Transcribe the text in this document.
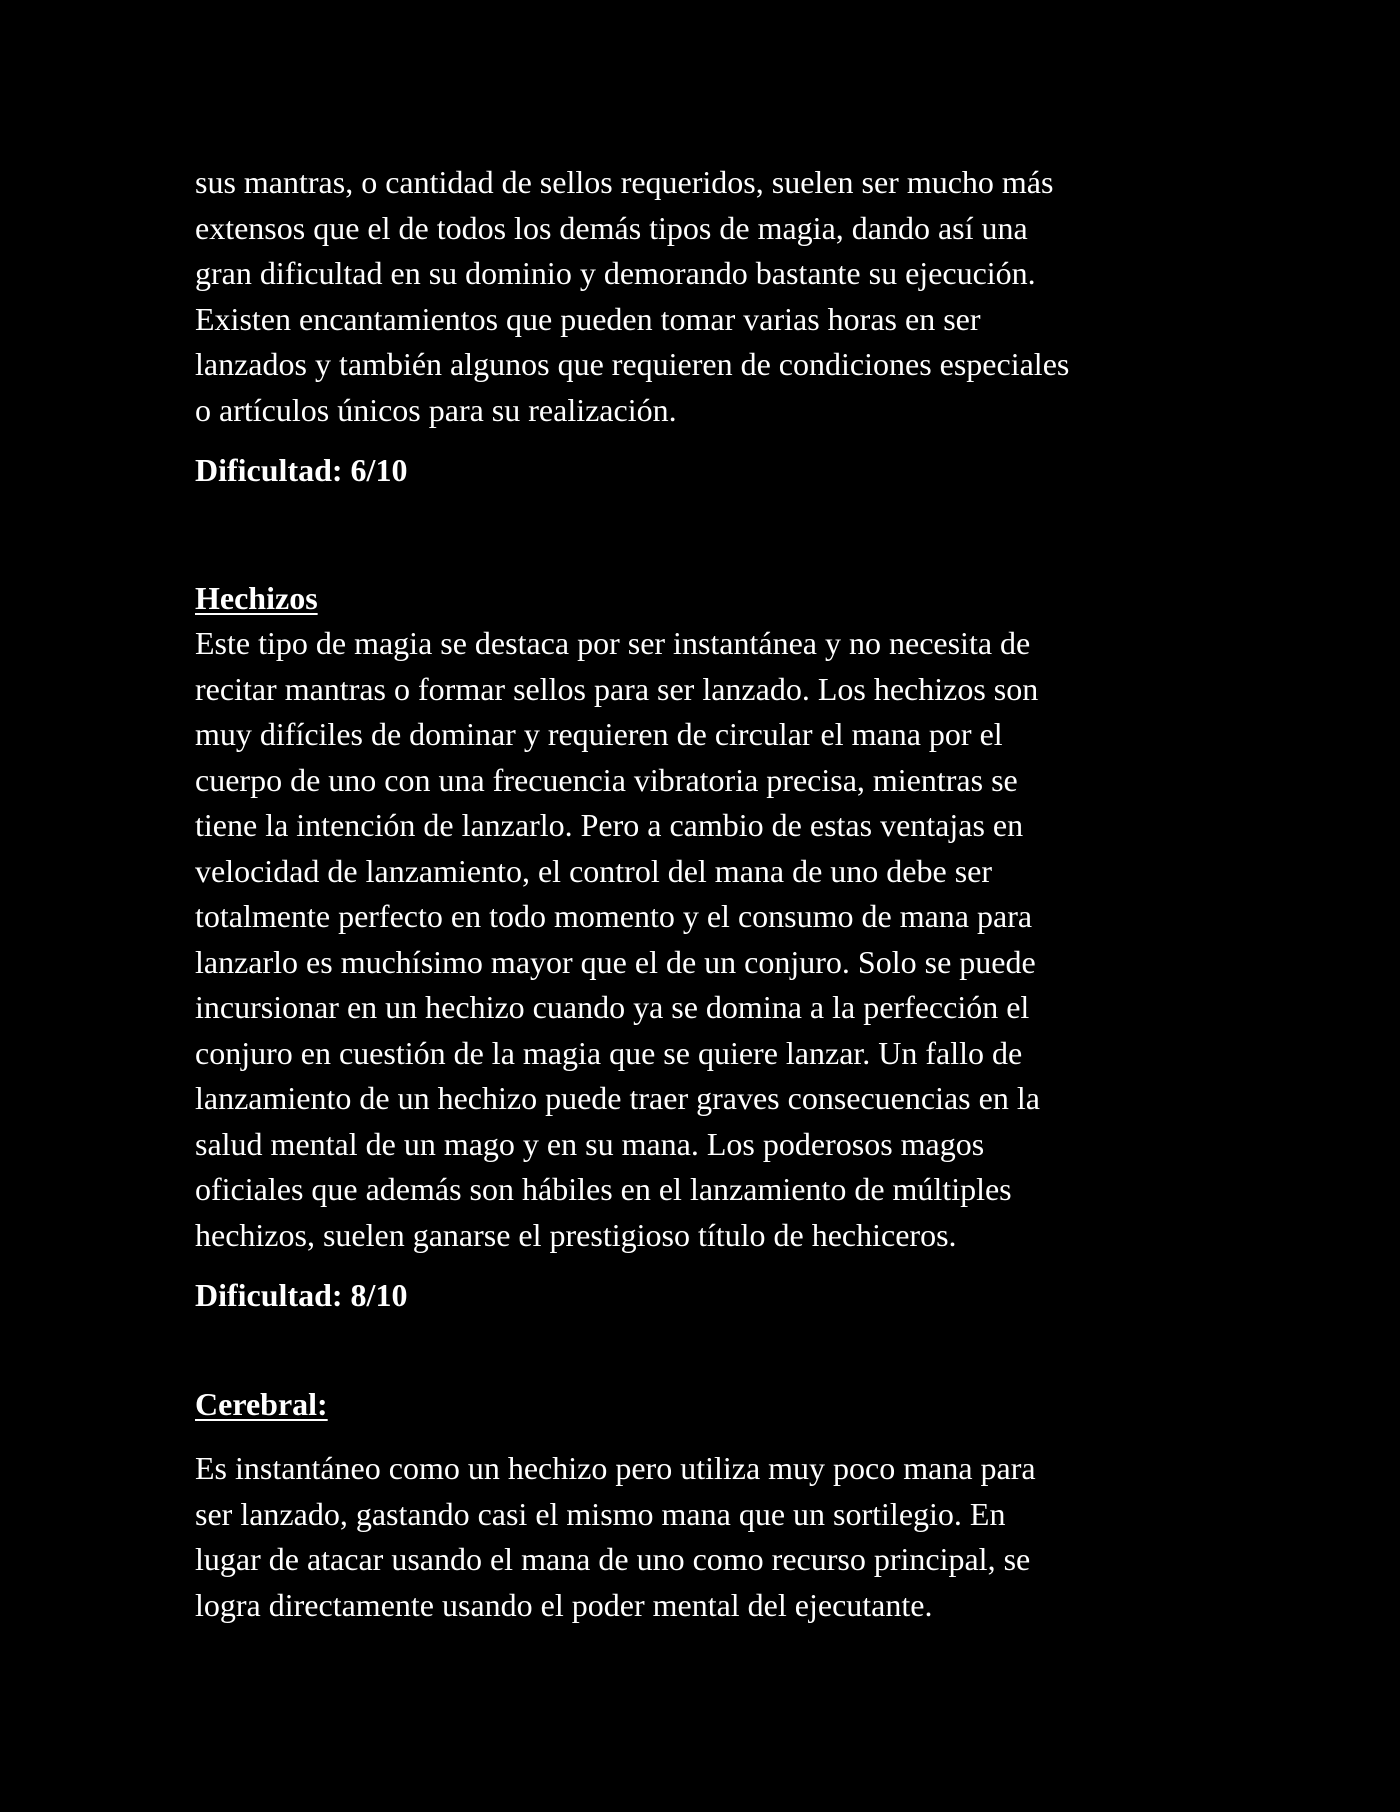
sus mantras, o cantidad de sellos requeridos, suelen ser mucho más
extensos que el de todos los demás tipos de magia, dando así una
gran dificultad en su dominio y demorando bastante su ejecución.
Existen encantamientos que pueden tomar varias horas en ser
lanzados y también algunos que requieren de condiciones especiales
o artículos únicos para su realización.

Dificultad: 6/10

Hechizos

Este tipo de magia se destaca por ser instantánea y no necesita de
recitar mantras o formar sellos para ser lanzado. Los hechizos son
muy difíciles de dominar y requieren de circular el mana por el
cuerpo de uno con una frecuencia vibratoria precisa, mientras se
tiene la intención de lanzarlo. Pero a cambio de estas ventajas en
velocidad de lanzamiento, el control del mana de uno debe ser
totalmente perfecto en todo momento y el consumo de mana para
lanzarlo es muchísimo mayor que el de un conjuro. Solo se puede
incursionar en un hechizo cuando ya se domina a la perfección el
conjuro en cuestión de la magia que se quiere lanzar. Un fallo de
lanzamiento de un hechizo puede traer graves consecuencias en la
salud mental de un mago y en su mana. Los poderosos magos
oficiales que además son hábiles en el lanzamiento de múltiples
hechizos, suelen ganarse el prestigioso título de hechiceros.

Dificultad: 8/10

Cerebral:

Es instantáneo como un hechizo pero utiliza muy poco mana para
ser lanzado, gastando casi el mismo mana que un sortilegio. En
lugar de atacar usando el mana de uno como recurso principal, se
logra directamente usando el poder mental del ejecutante.
